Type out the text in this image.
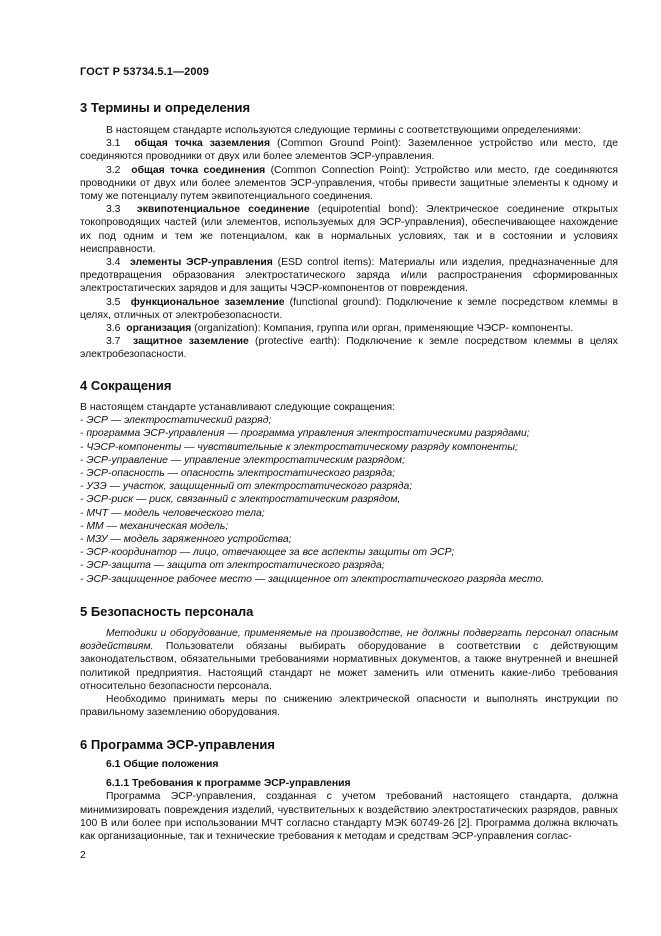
ГОСТ Р 53734.5.1—2009
3 Термины и определения

В настоящем стандарте используются следующие термины с соответствующими определениями:

3.1 общая точка заземления (Common Ground Point): Заземленное устройство или место, где соединяются проводники от двух или более элементов ЭСР-управления.

3.2 общая точка соединения (Common Connection Point): Устройство или место, где соединяются проводники от двух или более элементов ЭСР-управления, чтобы привести защитные элементы к одному и тому же потенциалу путем эквипотенциального соединения.

3.3 эквипотенциальное соединение (equipotential bond): Электрическое соединение открытых токопроводящих частей (или элементов, используемых для ЭСР-управления), обеспечивающее нахождение их под одним и тем же потенциалом, как в нормальных условиях, так и в состоянии и условиях неисправности.

3.4 элементы ЭСР-управления (ESD control items): Материалы или изделия, предназначенные для предотвращения образования электростатического заряда и/или распространения сформированных электростатических зарядов и для защиты ЧЭСР-компонентов от повреждения.

3.5 функциональное заземление (functional ground): Подключение к земле посредством клеммы в целях, отличных от электробезопасности.

3.6 организация (organization): Компания, группа или орган, применяющие ЧЭСР- компоненты.

3.7 защитное заземление (protective earth): Подключение к земле посредством клеммы в целях электробезопасности.

4 Сокращения

В настоящем стандарте устанавливают следующие сокращения:

- ЭСР — электростатический разряд;
- программа ЭСР-управления — программа управления электростатическими разрядами;
- ЧЭСР-компоненты — чувствительные к электростатическому разряду компоненты;
- ЭСР-управление — управление электростатическим разрядом;
- ЭСР-опасность — опасность электростатического разряда;
- УЗЭ — участок, защищенный от электростатического разряда;
- ЭСР-риск — риск, связанный с электростатическим разрядом,
- МЧТ — модель человеческого тела;
- ММ — механическая модель;
- МЗУ — модель заряженного устройства;
- ЭСР-координатор — лицо, отвечающее за все аспекты защиты от ЭСР;
- ЭСР-защита — защита от электростатического разряда;
- ЭСР-защищенное рабочее место — защищенное от электростатического разряда место.
5 Безопасность персонала

Методики и оборудование, применяемые на производстве, не должны подвергать персонал опасным воздействиям. Пользователи обязаны выбирать оборудование в соответствии с действующим законодательством, обязательными требованиями нормативных документов, а также внутренней и внешней политикой предприятия. Настоящий стандарт не может заменить или отменить какие-либо требования относительно безопасности персонала.

Необходимо принимать меры по снижению электрической опасности и выполнять инструкции по правильному заземлению оборудования.

6 Программа ЭСР-управления
6.1 Общие положения
6.1.1 Требования к программе ЭСР-управления

Программа ЭСР-управления, созданная с учетом требований настоящего стандарта, должна минимизировать повреждения изделий, чувствительных к воздействию электростатических разрядов, равных 100 В или более при использовании МЧТ согласно стандарту МЭК 60749-26 [2]. Программа должна включать как организационные, так и технические требования к методам и средствам ЭСР-управления соглас-

2
